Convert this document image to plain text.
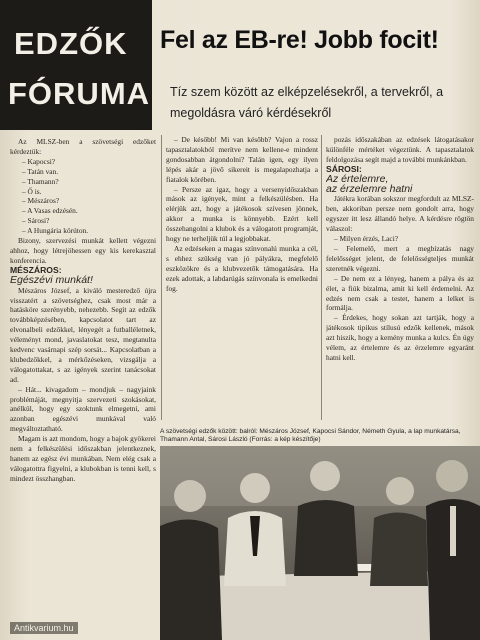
EDZŐK
FÓRUMA
Fel az EB-re! Jobb focit!
Tíz szem között az elképzelésekről, a tervekről, a megoldásra váró kérdésekről

Az MLSZ-ben a szövetségi edzőket kérdeztük:

– Kapocsi?

– Tatán van.

– Thamann?

– Ő is.

– Mészáros?

– A Vasas edzésén.

– Sárosi?

– A Hungária körúton.

Bizony, szervezési munkát kellett végezni ahhoz, hogy létrejöhessen egy kis kerekasztal konferencia.

MÉSZÁROS:

Egészévi munkát!

Mészáros József, a kiváló mesteredző újra visszatért a szövetséghez, csak most már a hatásköre szerényebb, nehezebb. Segít az edzők továbbképzésében, kapcsolatot tart az elvonalbeli edzőkkel, lényegét a futballéletnek, véleményt mond, javaslatokat tesz, megtanulta kedvenc vasárnapi szép sorsát... Kapcsolatban a klubedzőkkel, a mérkőzéseken, vizsgálja a válogatottakat, s az igények szerint tanácsokat ad.

– Hát... kivagadom – mondjuk – nagyjaink problémáját, megnyitja szervezeti szokásokat, anélkül, hogy egy szoktunk elmegetni, ami azonban egészévi munkával való megváltoztatható.

Magam is azt mondom, hogy a bajok gyökerei nem a felkészülési időszakban jelentkeznek, hanem az egész évi munkában. Nem elég csak a válogatottra figyelni, a klubokban is tenni kell, s mindezt összhangban.

– De később! Mi van később? Vajon a rossz tapasztalatokból merítve nem kellene-e mindent gondosabban átgondolni? Talán igen, egy ilyen lépés akár a jövő sikereit is megalapozhatja a fiatalok körében.

– Persze az igaz, hogy a versenyidőszakban mások az igények, mint a felkészülésben. Ha elérjük azt, hogy a játékosok szívesen jönnek, akkor a munka is könnyebb. Ezért kell összehangolni a klubok és a válogatott programját, hogy ne terheljük túl a legjobbakat.

Az edzéseken a magas színvonalú munka a cél, s ehhez szükség van jó pályákra, megfelelő eszközökre és a klubvezetők támogatására. Ha ezek adottak, a labdarúgás színvonala is emelkedni fog.

pozás időszakában az edzések látogatásakor különféle mértéket végeztünk. A tapasztalatok feldolgozása segít majd a további munkánkban.

SÁROSI:

Az értelemre,

az érzelemre hatni

Játékra korában sokszor megfordult az MLSZ-ben, akkoriban persze nem gondolt arra, hogy egyszer itt lesz állandó helye. A kérdésre rögtön válaszol:

– Milyen érzés, Laci?

– Felemelő, mert a megbízatás nagy felelősséget jelent, de felelősségteljes munkát szeretnék végezni.

– De nem ez a lényeg, hanem a pálya és az élet, a fiúk bizalma, amit ki kell érdemelni. Az edzés nem csak a testet, hanem a lelket is formálja.

– Érdekes, hogy sokan azt tartják, hogy a játékosok tipikus stílusú edzők kellenek, mások azt hiszik, hogy a kemény munka a kulcs. Én úgy vélem, az értelemre és az érzelemre egyaránt hatni kell.

A szövetségi edzők között: balról: Mészáros József, Kapocsi Sándor, Németh Gyula, a lap munkatársa, Thamann Antal, Sárosi László (Forrás: a kép készítője)
Antikvarium.hu
